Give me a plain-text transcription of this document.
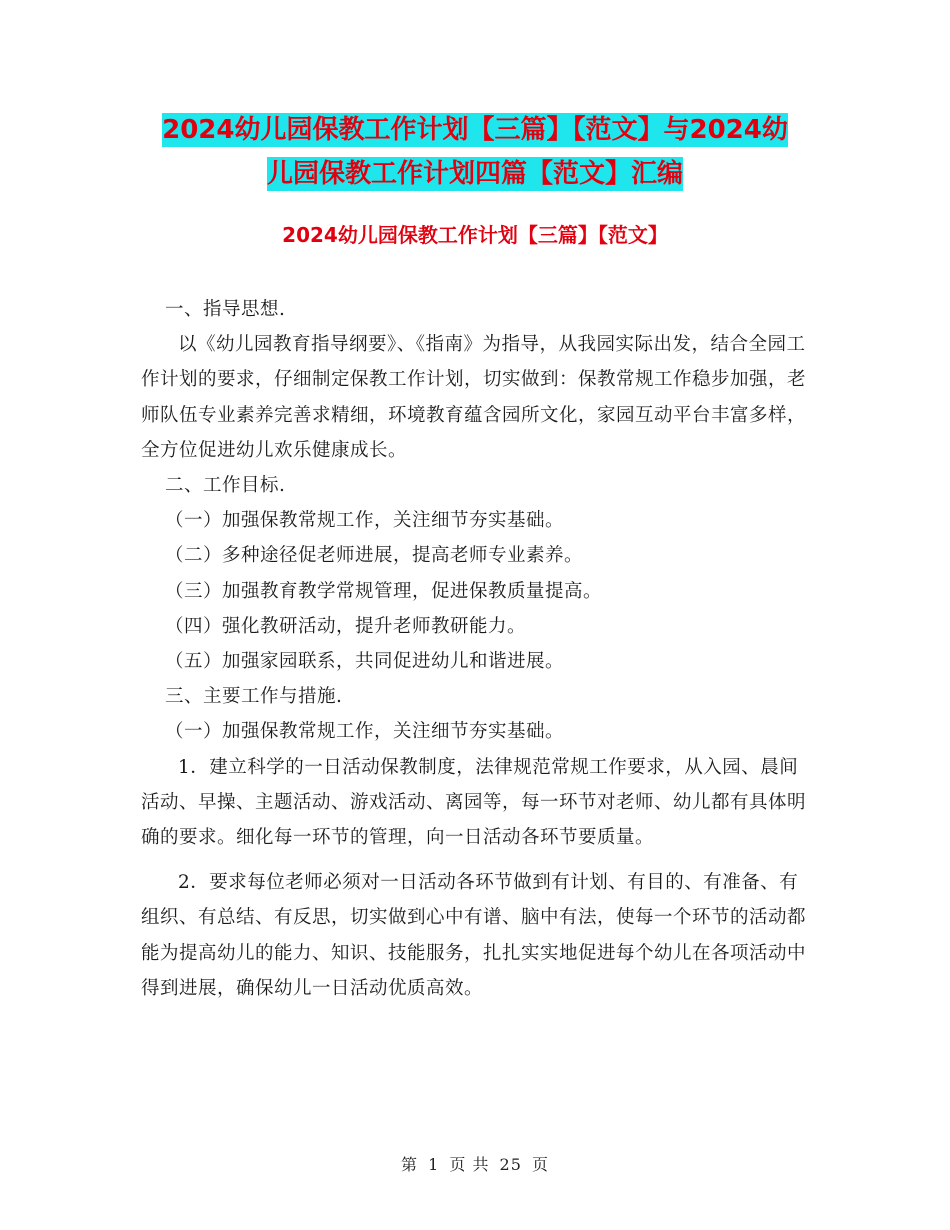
2024幼儿园保教工作计划【三篇】【范文】与2024幼
儿园保教工作计划四篇【范文】汇编
2024幼儿园保教工作计划【三篇】【范文】

一、指导思想.

以《幼儿园教育指导纲要》、《指南》为指导，从我园实际出发，结合全园工作计划的要求，仔细制定保教工作计划，切实做到：保教常规工作稳步加强，老师队伍专业素养完善求精细，环境教育蕴含园所文化，家园互动平台丰富多样，全方位促进幼儿欢乐健康成长。

二、工作目标.

（一）加强保教常规工作，关注细节夯实基础。

（二）多种途径促老师进展，提高老师专业素养。

（三）加强教育教学常规管理，促进保教质量提高。

（四）强化教研活动，提升老师教研能力。

（五）加强家园联系，共同促进幼儿和谐进展。

三、主要工作与措施.

（一）加强保教常规工作，关注细节夯实基础。

1．建立科学的一日活动保教制度，法律规范常规工作要求，从入园、晨间活动、早操、主题活动、游戏活动、离园等，每一环节对老师、幼儿都有具体明确的要求。细化每一环节的管理，向一日活动各环节要质量。

2．要求每位老师必须对一日活动各环节做到有计划、有目的、有准备、有组织、有总结、有反思，切实做到心中有谱、脑中有法，使每一个环节的活动都能为提高幼儿的能力、知识、技能服务，扎扎实实地促进每个幼儿在各项活动中得到进展，确保幼儿一日活动优质高效。

第 1 页 共 25 页
